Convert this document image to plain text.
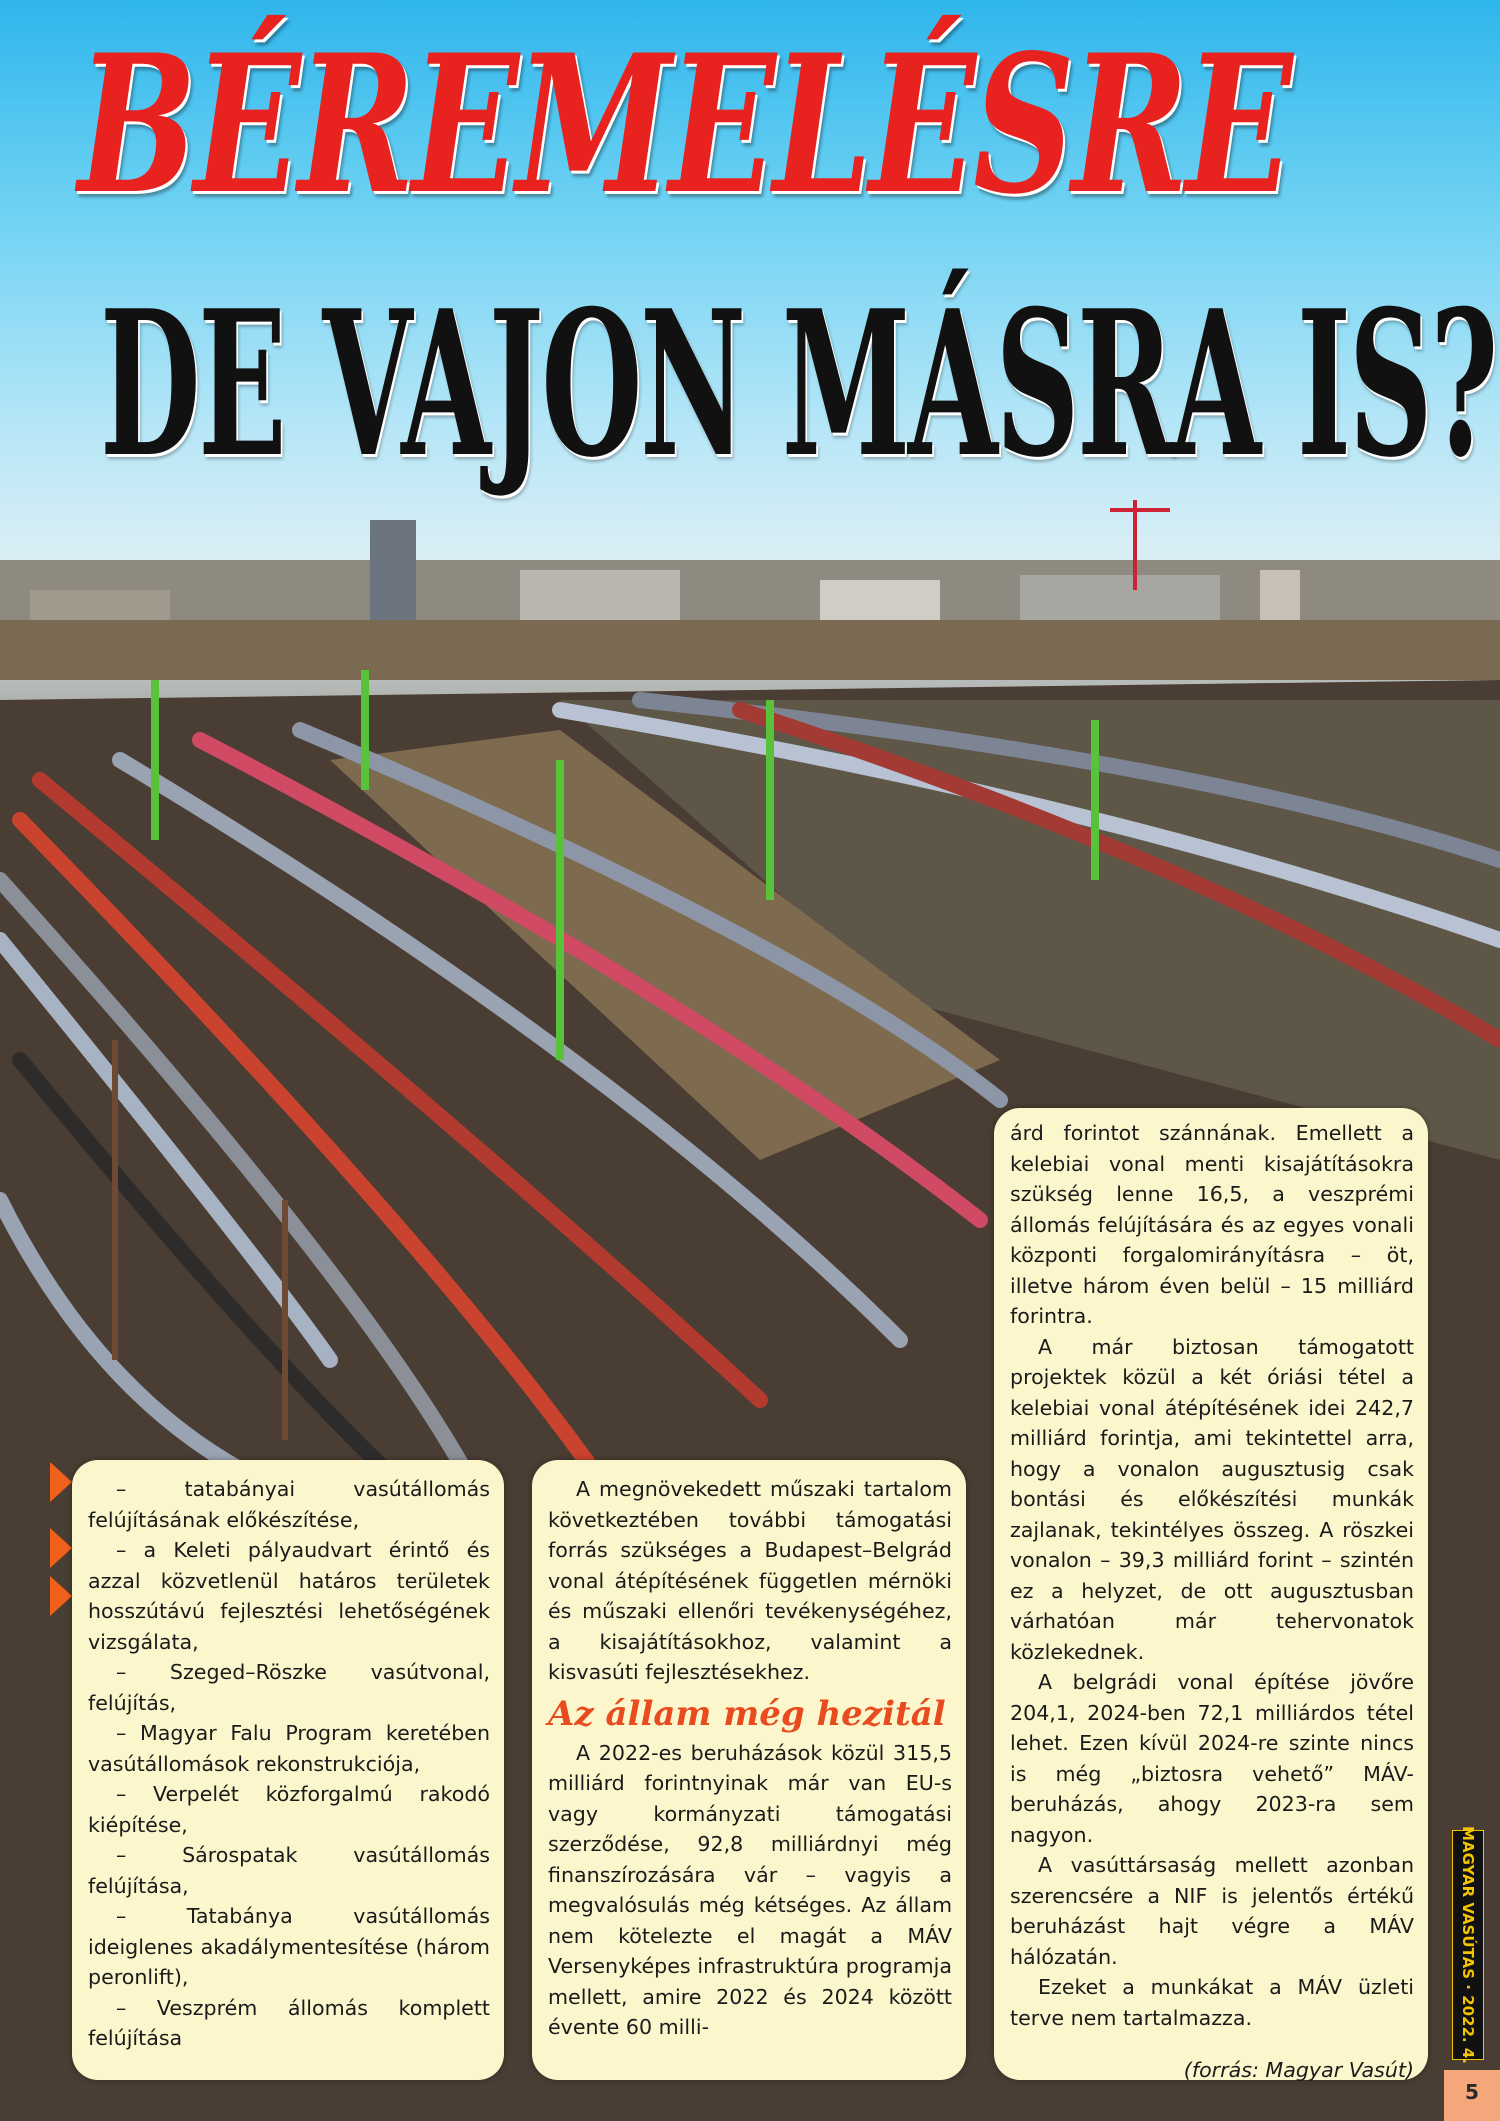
BÉREMELÉSRE
DE VAJON MÁSRA IS?

– tatabányai vasútállomás felújításának előkészítése,

– a Keleti pályaudvart érintő és azzal közvetlenül határos területek hosszútávú fejlesztési lehetőségének vizsgálata,

– Szeged–Röszke vasútvonal, felújítás,

– Magyar Falu Program keretében vasútállomások rekonstrukciója,

– Verpelét közforgalmú rakodó kiépítése,

– Sárospatak vasútállomás felújítása,

– Tatabánya vasútállomás ideiglenes akadálymentesítése (három peronlift),

– Veszprém állomás komplett felújítása

A megnövekedett műszaki tartalom következtében további támogatási forrás szükséges a Budapest–Belgrád vonal átépítésének független mérnöki és műszaki ellenőri tevékenységéhez, a kisajátításokhoz, valamint a kisvasúti fejlesztésekhez.

Az állam még hezitál

A 2022-es beruházások közül 315,5 milliárd forintnyinak már van EU-s vagy kormányzati támogatási szerződése, 92,8 milliárdnyi még finanszírozására vár – vagyis a megvalósulás még kétséges. Az állam nem kötelezte el magát a MÁV Versenyképes infrastruktúra programja mellett, amire 2022 és 2024 között évente 60 milli-

árd forintot szánnának. Emellett a kelebiai vonal menti kisajátításokra szükség lenne 16,5, a veszprémi állomás felújítására és az egyes vonali központi forgalomirányításra – öt, illetve három éven belül – 15 milliárd forintra.

A már biztosan támogatott projektek közül a két óriási tétel a kelebiai vonal átépítésének idei 242,7 milliárd forintja, ami tekintettel arra, hogy a vonalon augusztusig csak bontási és előkészítési munkák zajlanak, tekintélyes összeg. A röszkei vonalon – 39,3 milliárd forint – szintén ez a helyzet, de ott augusztusban várhatóan már tehervonatok közlekednek.

A belgrádi vonal építése jövőre 204,1, 2024-ben 72,1 milliárdos tétel lehet. Ezen kívül 2024-re szinte nincs is még „biztosra vehető” MÁV-beruházás, ahogy 2023-ra sem nagyon.

A vasúttársaság mellett azonban szerencsére a NIF is jelentős értékű beruházást hajt végre a MÁV hálózatán.

Ezeket a munkákat a MÁV üzleti terve nem tartalmazza.

(forrás: Magyar Vasút)

MAGYAR VASÚTAS · 2022. 4.
5
